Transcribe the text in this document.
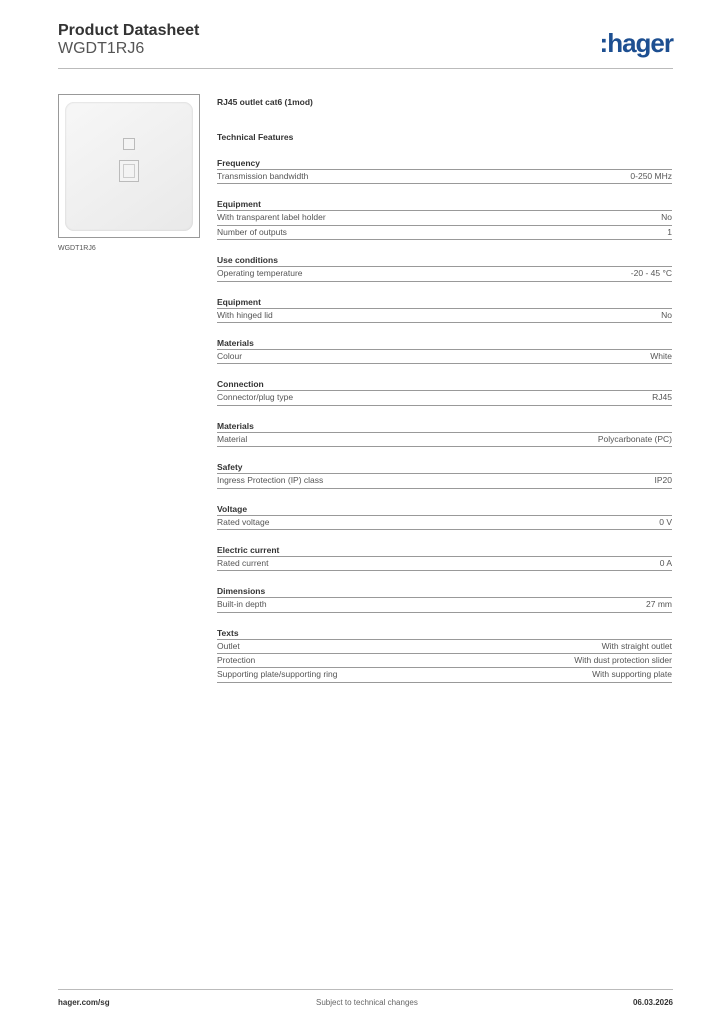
Product Datasheet
WGDT1RJ6	:hager
WGDT1RJ6
RJ45 outlet cat6 (1mod)
Technical Features
Frequency
Transmission bandwidth	0-250 MHz
Equipment
With transparent label holder	No
Number of outputs	1
Use conditions
Operating temperature	-20 - 45 °C
Equipment
With hinged lid	No
Materials
Colour	White
Connection
Connector/plug type	RJ45
Materials
Material	Polycarbonate (PC)
Safety
Ingress Protection (IP) class	IP20
Voltage
Rated voltage	0 V
Electric current
Rated current	0 A
Dimensions
Built-in depth	27 mm
Texts
Outlet	With straight outlet
Protection	With dust protection slider
Supporting plate/supporting ring	With supporting plate
hager.com/sg	Subject to technical changes	06.03.2026
